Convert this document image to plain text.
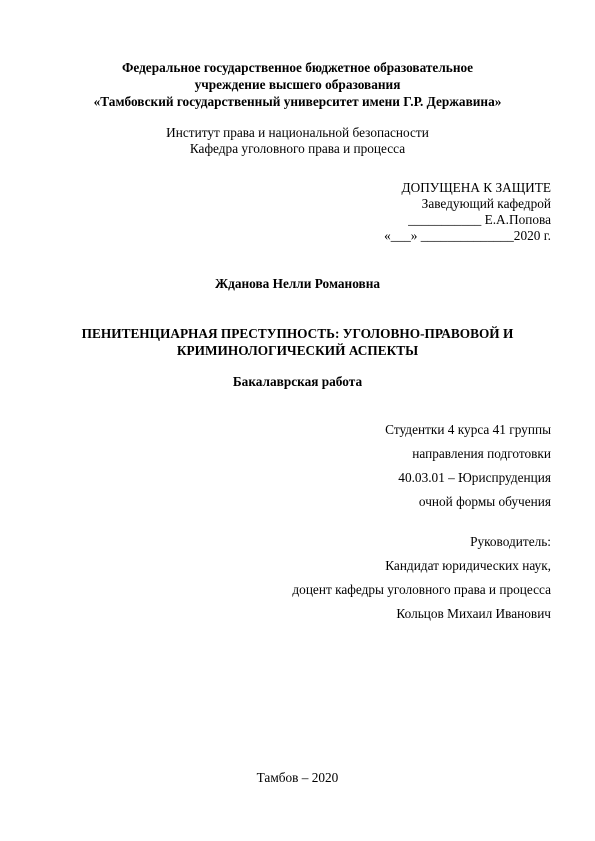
Федеральное государственное бюджетное образовательное
учреждение высшего образования
«Тамбовский государственный университет имени Г.Р. Державина»
Институт права и национальной безопасности
Кафедра уголовного права и процесса
ДОПУЩЕНА К ЗАЩИТЕ
Заведующий кафедрой
___________ Е.А.Попова
«___» ______________2020 г.
Жданова Нелли Романовна
ПЕНИТЕНЦИАРНАЯ ПРЕСТУПНОСТЬ: УГОЛОВНО-ПРАВОВОЙ И
КРИМИНОЛОГИЧЕСКИЙ АСПЕКТЫ
Бакалаврская работа
Студентки 4 курса 41 группы
направления подготовки
40.03.01 – Юриспруденция
очной формы обучения
Руководитель:
Кандидат юридических наук,
доцент кафедры уголовного права и процесса
Кольцов Михаил Иванович
Тамбов – 2020
